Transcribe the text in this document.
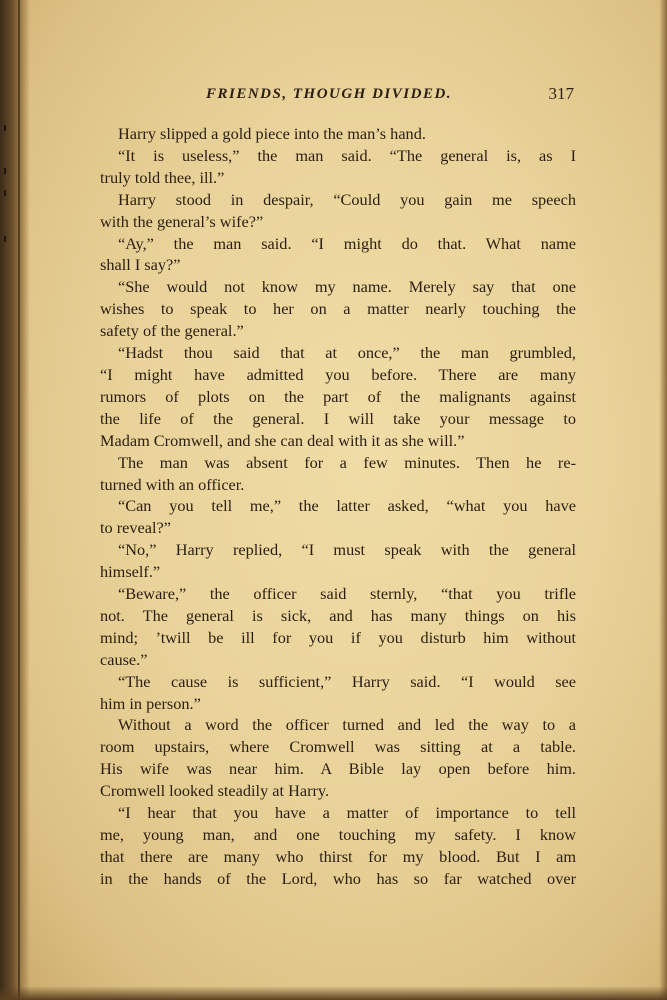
FRIENDS, THOUGH DIVIDED.	317
Harry slipped a gold piece into the man’s hand.
“It is useless,” the man said. “The general is, as I
truly told thee, ill.”
Harry stood in despair, “Could you gain me speech
with the general’s wife?”
“Ay,” the man said. “I might do that. What name
shall I say?”
“She would not know my name. Merely say that one
wishes to speak to her on a matter nearly touching the
safety of the general.”
“Hadst thou said that at once,” the man grumbled,
“I might have admitted you before. There are many
rumors of plots on the part of the malignants against
the life of the general. I will take your message to
Madam Cromwell, and she can deal with it as she will.”
The man was absent for a few minutes. Then he re-
turned with an officer.
“Can you tell me,” the latter asked, “what you have
to reveal?”
“No,” Harry replied, “I must speak with the general
himself.”
“Beware,” the officer said sternly, “that you trifle
not. The general is sick, and has many things on his
mind; ’twill be ill for you if you disturb him without
cause.”
“The cause is sufficient,” Harry said. “I would see
him in person.”
Without a word the officer turned and led the way to a
room upstairs, where Cromwell was sitting at a table.
His wife was near him. A Bible lay open before him.
Cromwell looked steadily at Harry.
“I hear that you have a matter of importance to tell
me, young man, and one touching my safety. I know
that there are many who thirst for my blood. But I am
in the hands of the Lord, who has so far watched over
